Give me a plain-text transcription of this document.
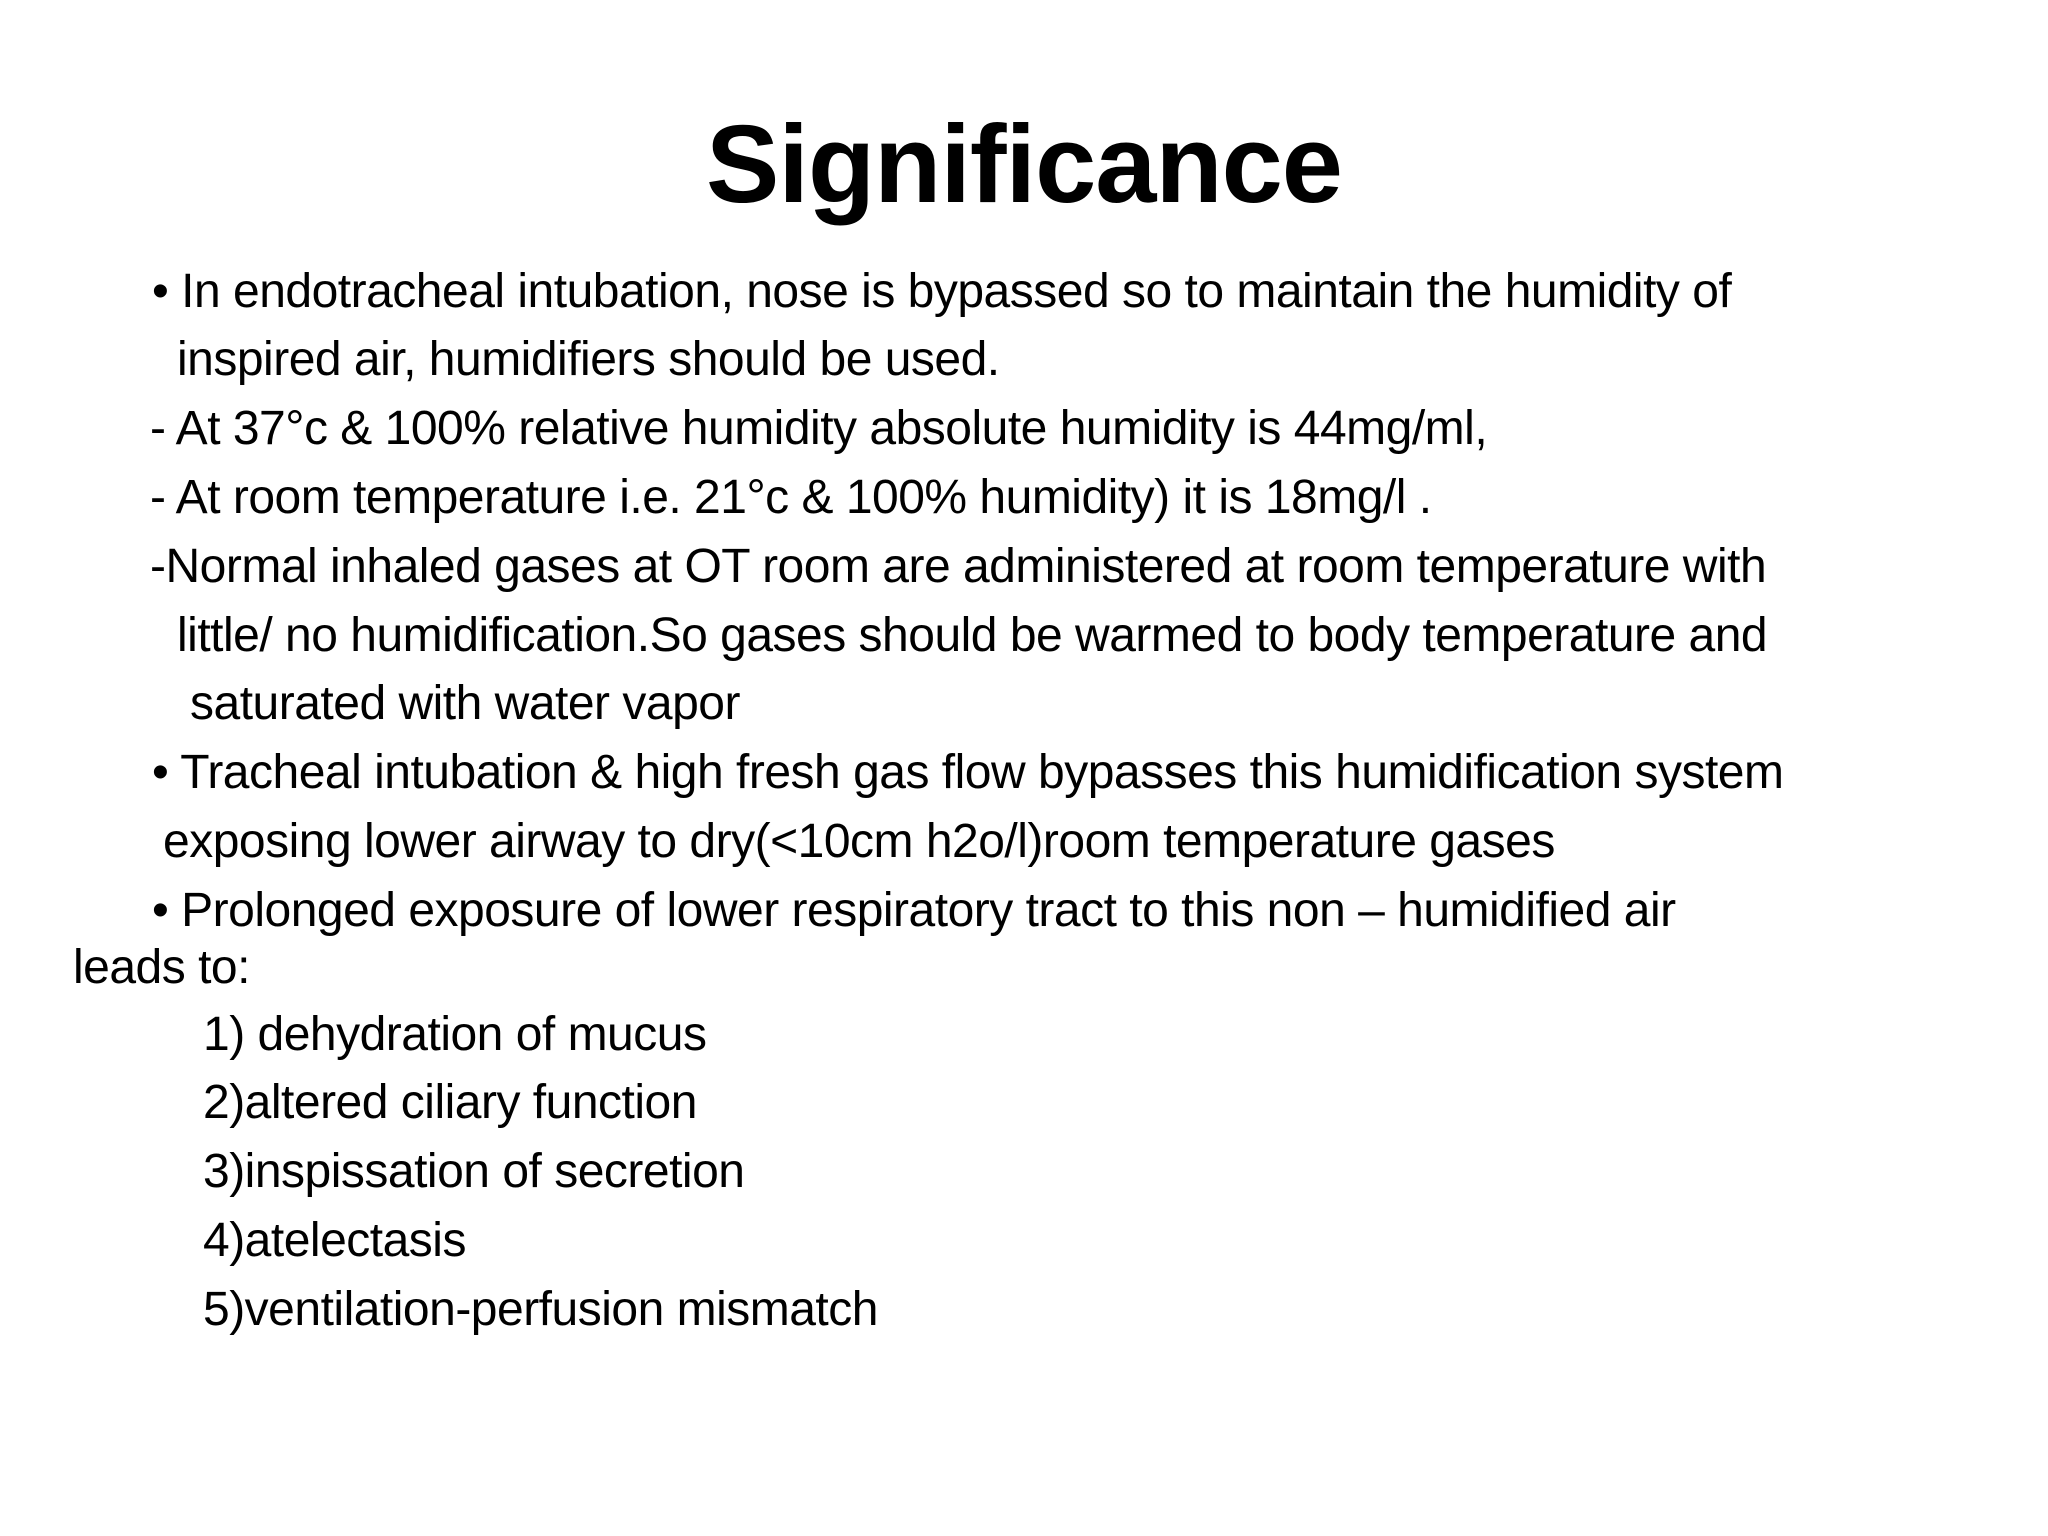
Significance
• In endotracheal intubation, nose is bypassed so to maintain the humidity of
inspired air, humidifiers should be used.
- At 37°c & 100% relative humidity absolute humidity is 44mg/ml,
- At room temperature i.e. 21°c & 100% humidity) it is 18mg/l .
-Normal inhaled gases at OT room are administered at room temperature with
little/ no humidification.So gases should be warmed to body temperature and
saturated with water vapor
• Tracheal intubation & high fresh gas flow bypasses this humidification system
exposing lower airway to dry(<10cm h2o/l)room temperature gases
• Prolonged exposure of lower respiratory tract to this non – humidified air
leads to:
1) dehydration of mucus
2)altered ciliary function
3)inspissation of secretion
4)atelectasis
5)ventilation-perfusion mismatch
